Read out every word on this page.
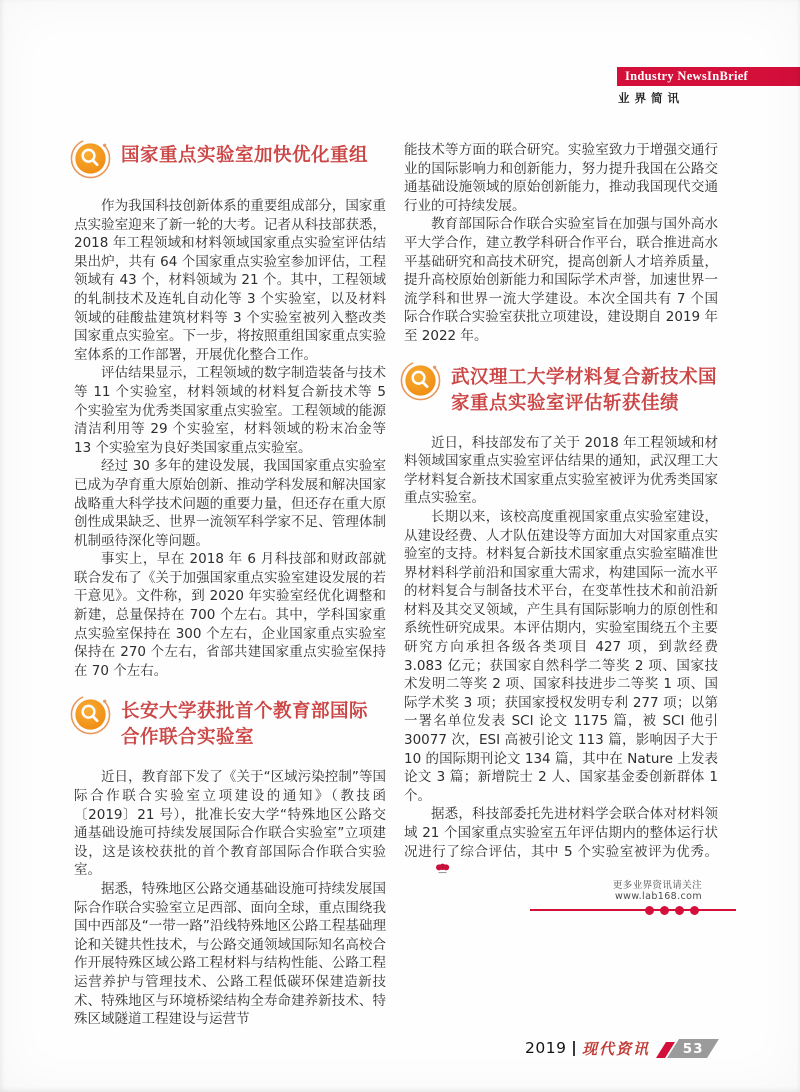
Industry NewsInBrief
业界简讯
国家重点实验室加快优化重组

作为我国科技创新体系的重要组成部分，国家重点实验室迎来了新一轮的大考。记者从科技部获悉，2018 年工程领域和材料领域国家重点实验室评估结果出炉，共有 64 个国家重点实验室参加评估，工程领域有 43 个，材料领域为 21 个。其中，工程领域的轧制技术及连轧自动化等 3 个实验室，以及材料领域的硅酸盐建筑材料等 3 个实验室被列入整改类国家重点实验室。下一步，将按照重组国家重点实验室体系的工作部署，开展优化整合工作。

评估结果显示，工程领域的数字制造装备与技术等 11 个实验室，材料领域的材料复合新技术等 5 个实验室为优秀类国家重点实验室。工程领域的能源清洁利用等 29 个实验室，材料领域的粉末冶金等 13 个实验室为良好类国家重点实验室。

经过 30 多年的建设发展，我国国家重点实验室已成为孕育重大原始创新、推动学科发展和解决国家战略重大科学技术问题的重要力量，但还存在重大原创性成果缺乏、世界一流领军科学家不足、管理体制机制亟待深化等问题。

事实上，早在 2018 年 6 月科技部和财政部就联合发布了《关于加强国家重点实验室建设发展的若干意见》。文件称，到 2020 年实验室经优化调整和新建，总量保持在 700 个左右。其中，学科国家重点实验室保持在 300 个左右，企业国家重点实验室保持在 270 个左右，省部共建国家重点实验室保持在 70 个左右。

长安大学获批首个教育部国际合作联合实验室

近日，教育部下发了《关于“区域污染控制”等国际合作联合实验室立项建设的通知》（教技函〔2019〕21 号），批准长安大学“特殊地区公路交通基础设施可持续发展国际合作联合实验室”立项建设，这是该校获批的首个教育部国际合作联合实验室。

据悉，特殊地区公路交通基础设施可持续发展国际合作联合实验室立足西部、面向全球，重点围绕我国中西部及“一带一路”沿线特殊地区公路工程基础理论和关键共性技术，与公路交通领域国际知名高校合作开展特殊区域公路工程材料与结构性能、公路工程运营养护与管理技术、公路工程低碳环保建造新技术、特殊地区与环境桥梁结构全寿命建养新技术、特殊区域隧道工程建设与运营节

能技术等方面的联合研究。实验室致力于增强交通行业的国际影响力和创新能力，努力提升我国在公路交通基础设施领域的原始创新能力，推动我国现代交通行业的可持续发展。

教育部国际合作联合实验室旨在加强与国外高水平大学合作，建立教学科研合作平台，联合推进高水平基础研究和高技术研究，提高创新人才培养质量，提升高校原始创新能力和国际学术声誉，加速世界一流学科和世界一流大学建设。本次全国共有 7 个国际合作联合实验室获批立项建设，建设期自 2019 年至 2022 年。

武汉理工大学材料复合新技术国家重点实验室评估斩获佳绩

近日，科技部发布了关于 2018 年工程领域和材料领域国家重点实验室评估结果的通知，武汉理工大学材料复合新技术国家重点实验室被评为优秀类国家重点实验室。

长期以来，该校高度重视国家重点实验室建设，从建设经费、人才队伍建设等方面加大对国家重点实验室的支持。材料复合新技术国家重点实验室瞄准世界材料科学前沿和国家重大需求，构建国际一流水平的材料复合与制备技术平台，在变革性技术和前沿新材料及其交叉领域，产生具有国际影响力的原创性和系统性研究成果。本评估期内，实验室围绕五个主要研究方向承担各级各类项目 427 项，到款经费 3.083 亿元；获国家自然科学二等奖 2 项、国家技术发明二等奖 2 项、国家科技进步二等奖 1 项、国际学术奖 3 项；获国家授权发明专利 277 项；以第一署名单位发表 SCI 论文 1175 篇，被 SCI 他引 30077 次，ESI 高被引论文 113 篇，影响因子大于 10 的国际期刊论文 134 篇，其中在 Nature 上发表论文 3 篇；新增院士 2 人、国家基金委创新群体 1 个。

据悉，科技部委托先进材料学会联合体对材料领域 21 个国家重点实验室五年评估期内的整体运行状况进行了综合评估，其中 5 个实验室被评为优秀。

更多业界资讯请关注 www.lab168.com
2019 现代资讯 53
